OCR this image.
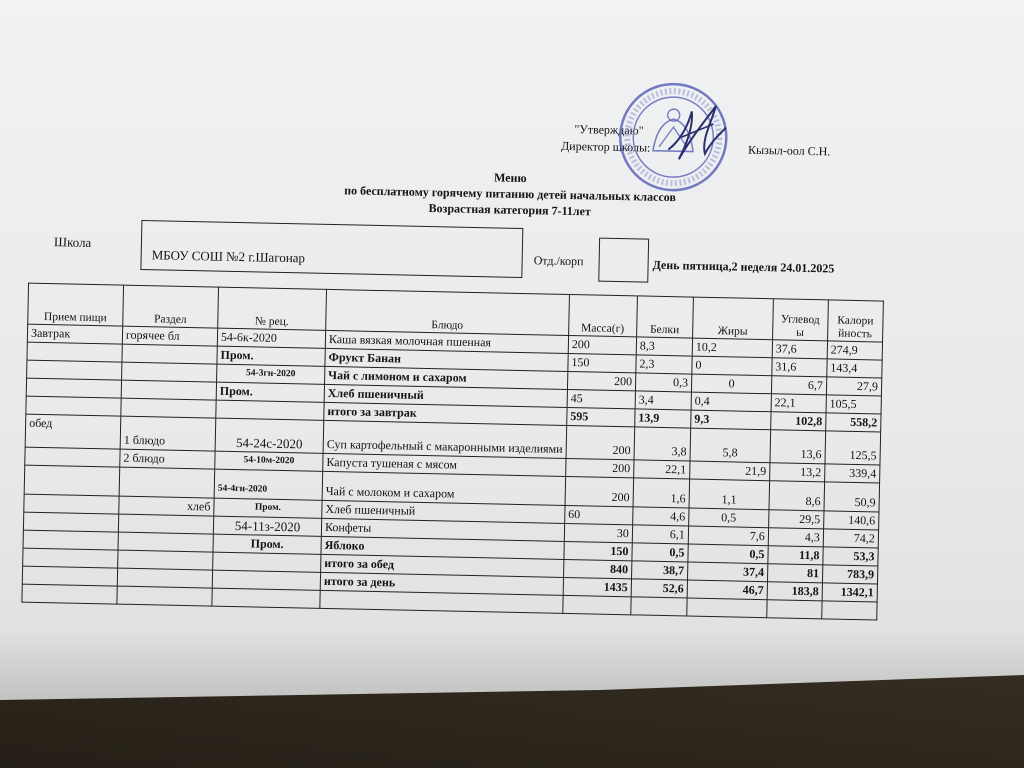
"Утверждаю"
Директор школы:	Кызыл-оол С.Н.
Меню
по бесплатному горячему питанию детей начальных классов
Возрастная категория 7-11лет
Школа
МБОУ СОШ №2 г.Шагонар	Отд./корп	День пятница,2 неделя 24.01.2025
Прием пищи	Раздел	№ рец.	Блюдо	Масса(г)	Белки	Жиры	Углевод ы	Калори йность
Завтрак	горячее бл	54-6к-2020	Каша вязкая молочная пшенная	200	8,3	10,2	37,6	274,9
		Пром.	Фрукт Банан	150	2,3	0	31,6	143,4
		54-3гн-2020	Чай с лимоном и сахаром	200	0,3	0	6,7	27,9
		Пром.	Хлеб пшеничный	45	3,4	0,4	22,1	105,5
			итого за завтрак	595	13,9	9,3	102,8	558,2
обед	1 блюдо	54-24с-2020	Суп картофельный с макаронными изделиями	200	3,8	5,8	13,6	125,5
	2 блюдо	54-10м-2020	Капуста тушеная с мясом	200	22,1	21,9	13,2	339,4
		54-4гн-2020	Чай с молоком и сахаром	200	1,6	1,1	8,6	50,9
	хлеб	Пром.	Хлеб пшеничный	60	4,6	0,5	29,5	140,6
		54-11з-2020	Конфеты	30	6,1	7,6	4,3	74,2
		Пром.	Яблоко	150	0,5	0,5	11,8	53,3
			итого за обед	840	38,7	37,4	81	783,9
			итого за день	1435	52,6	46,7	183,8	1342,1
